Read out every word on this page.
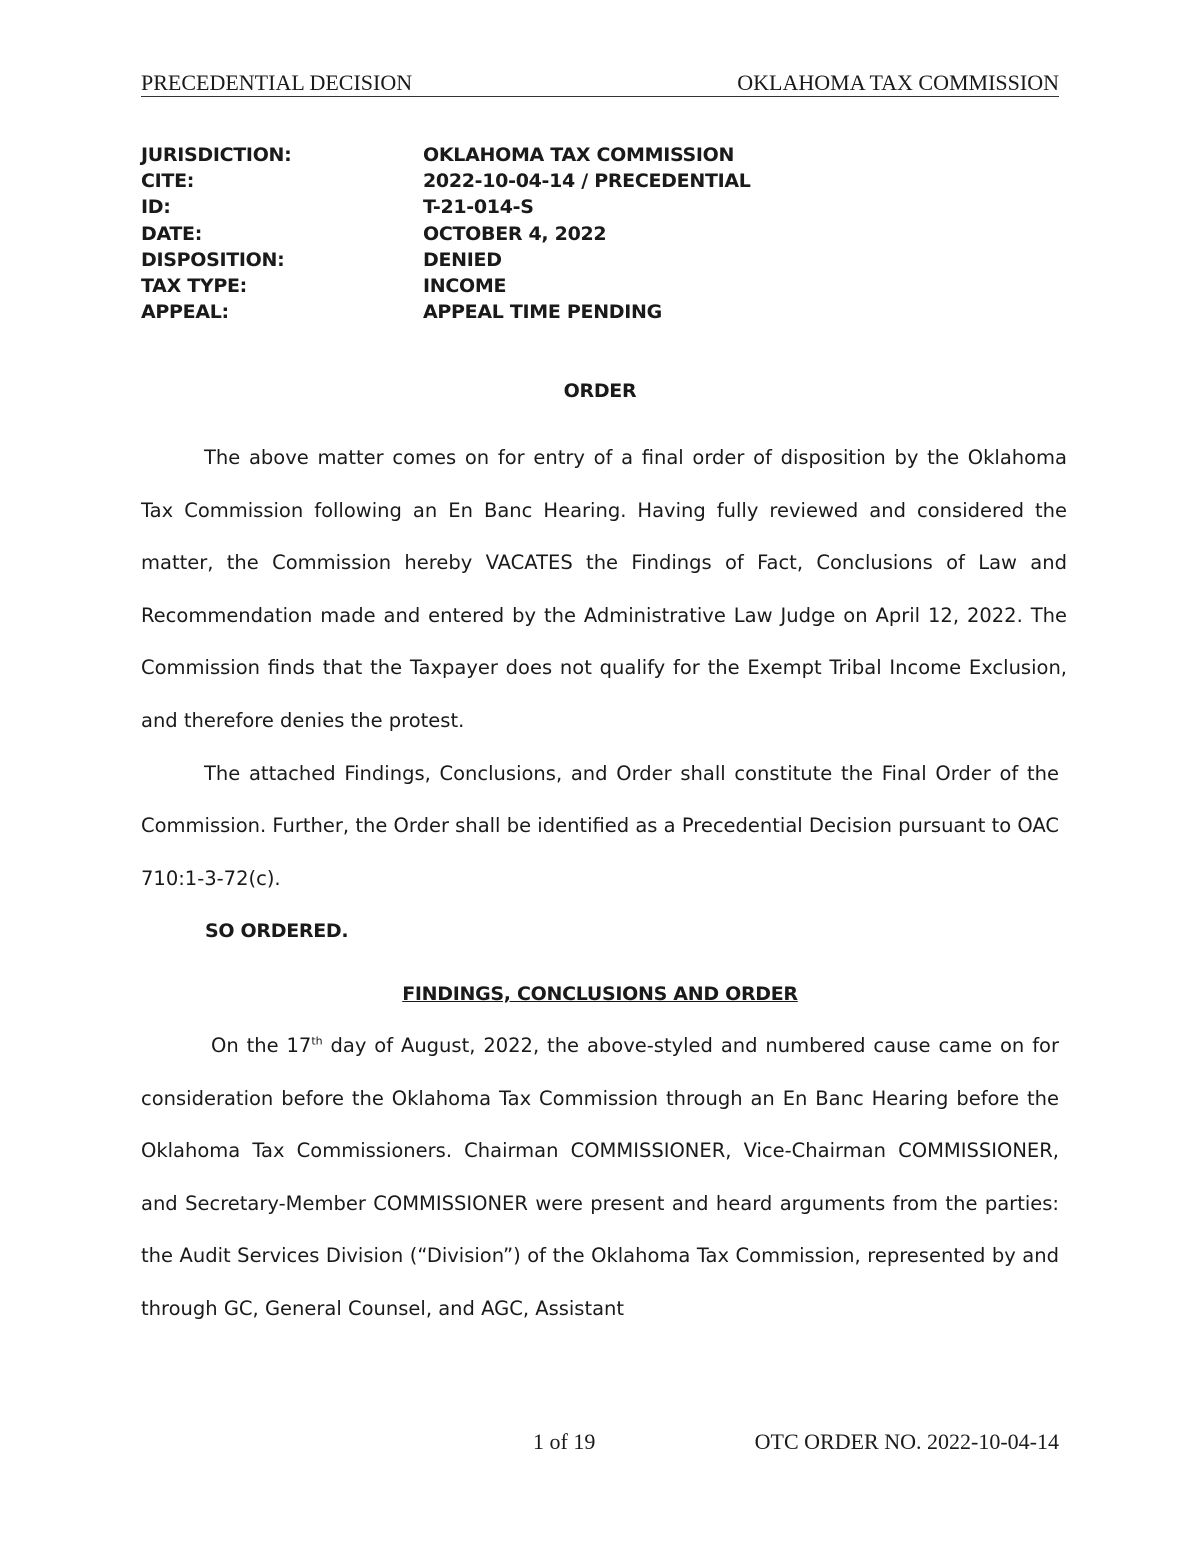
PRECEDENTIAL DECISION	OKLAHOMA TAX COMMISSION
JURISDICTION:	OKLAHOMA TAX COMMISSION
CITE:	2022-10-04-14 / PRECEDENTIAL
ID:	T-21-014-S
DATE:	OCTOBER 4, 2022
DISPOSITION:	DENIED
TAX TYPE:	INCOME
APPEAL:	APPEAL TIME PENDING
ORDER

The above matter comes on for entry of a final order of disposition by the Oklahoma Tax Commission following an En Banc Hearing. Having fully reviewed and considered the matter, the Commission hereby VACATES the Findings of Fact, Conclusions of Law and Recommendation made and entered by the Administrative Law Judge on April 12, 2022. The Commission finds that the Taxpayer does not qualify for the Exempt Tribal Income Exclusion, and therefore denies the protest.

The attached Findings, Conclusions, and Order shall constitute the Final Order of the Commission. Further, the Order shall be identified as a Precedential Decision pursuant to OAC 710:1-3-72(c).

SO ORDERED.
FINDINGS, CONCLUSIONS AND ORDER

On the 17th day of August, 2022, the above-styled and numbered cause came on for consideration before the Oklahoma Tax Commission through an En Banc Hearing before the Oklahoma Tax Commissioners. Chairman COMMISSIONER, Vice-Chairman COMMISSIONER, and Secretary-Member COMMISSIONER were present and heard arguments from the parties: the Audit Services Division (“Division”) of the Oklahoma Tax Commission, represented by and through GC, General Counsel, and AGC, Assistant

1 of 19	OTC ORDER NO. 2022-10-04-14
